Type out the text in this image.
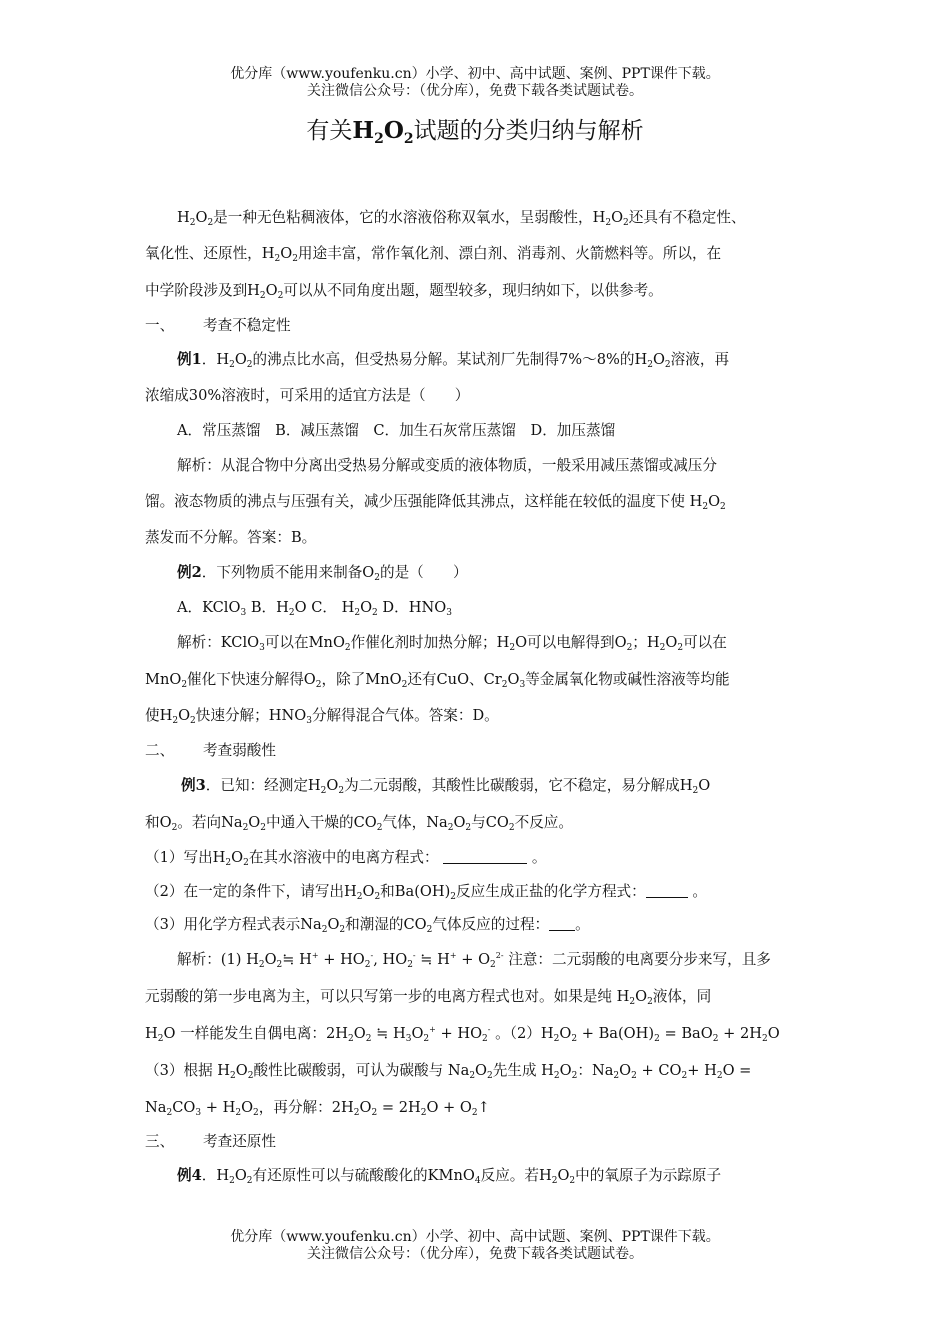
优分库（www.youfenku.cn）小学、初中、高中试题、案例、PPT课件下载。
关注微信公众号：（优分库），免费下载各类试题试卷。
有关$H_2O_2$试题的分类归纳与解析
$H_2O_2$是一种无色粘稠液体，它的水溶液俗称双氧水，呈弱酸性，$H_2O_2$还具有不稳定性、
氧化性、还原性，$H_2O_2$用途丰富，常作氧化剂、漂白剂、消毒剂、火箭燃料等。所以，在
中学阶段涉及到$H_2O_2$可以从不同角度出题，题型较多，现归纳如下，以供参考。
一、 考查不稳定性
例1．$H_2O_2$的沸点比水高，但受热易分解。某试剂厂先制得7%～8%的$H_2O_2$溶液，再
浓缩成30%溶液时，可采用的适宜方法是（　　）
A．常压蒸馏　B．减压蒸馏　C．加生石灰常压蒸馏　D．加压蒸馏
解析：从混合物中分离出受热易分解或变质的液体物质，一般采用减压蒸馏或减压分
馏。液态物质的沸点与压强有关，减少压强能降低其沸点，这样能在较低的温度下使 $H_2O_2$
蒸发而不分解。答案：B。
例2．下列物质不能用来制备$O_2$的是（　　）
A．KClO$_3$ B．$H_2O$ C． $H_2O_2$ D．$HNO_3$
解析：KClO$_3$可以在MnO$_2$作催化剂时加热分解；$H_2O$可以电解得到$O_2$；$H_2O_2$可以在
MnO$_2$催化下快速分解得$O_2$，除了MnO$_2$还有CuO、$Cr_2O_3$等金属氧化物或碱性溶液等均能
使$H_2O_2$快速分解；$HNO_3$分解得混合气体。答案：D。
二、 考查弱酸性
例3．已知：经测定$H_2O_2$为二元弱酸，其酸性比碳酸弱，它不稳定，易分解成$H_2O$
和$O_2$。若向$Na_2O_2$中通入干燥的$CO_2$气体，$Na_2O_2$与$CO_2$不反应。
（1）写出$H_2O_2$在其水溶液中的电离方程式：	。
（2）在一定的条件下，请写出$H_2O_2$和$Ba(OH)_2$反应生成正盐的化学方程式：	。
（3）用化学方程式表示$Na_2O_2$和潮湿的$CO_2$气体反应的过程： 。
解析：(1) $H_2O_2≒$ $H^+ + HO_2^-$, $HO_2^-$ ≒ $H^+ + O_2^{2-}$ 注意：二元弱酸的电离要分步来写，且多
元弱酸的第一步电离为主，可以只写第一步的电离方程式也对。如果是纯 $H_2O_2$液体，同
$H_2O$ 一样能发生自偶电离：$2H_2O_2$ ≒ $H_3O_2^+ + HO_2^-$ 。$(2)H_2O_2 + Ba(OH)_2 = BaO_2 + 2H_2O$
（3）根据 $H_2O_2$酸性比碳酸弱，可认为碳酸与 $Na_2O_2$先生成 $H_2O_2$：$Na_2O_2 + CO_2+ H_2O$ =
$Na_2CO_3 + H_2O_2$，再分解：$2H_2O_2 = 2H_2O$ + $O_2↑$
三、 考查还原性
例4．$H_2O_2$有还原性可以与硫酸酸化的KMnO$_4$反应。若$H_2O_2$中的氧原子为示踪原子
优分库（www.youfenku.cn）小学、初中、高中试题、案例、PPT课件下载。
关注微信公众号：（优分库），免费下载各类试题试卷。
